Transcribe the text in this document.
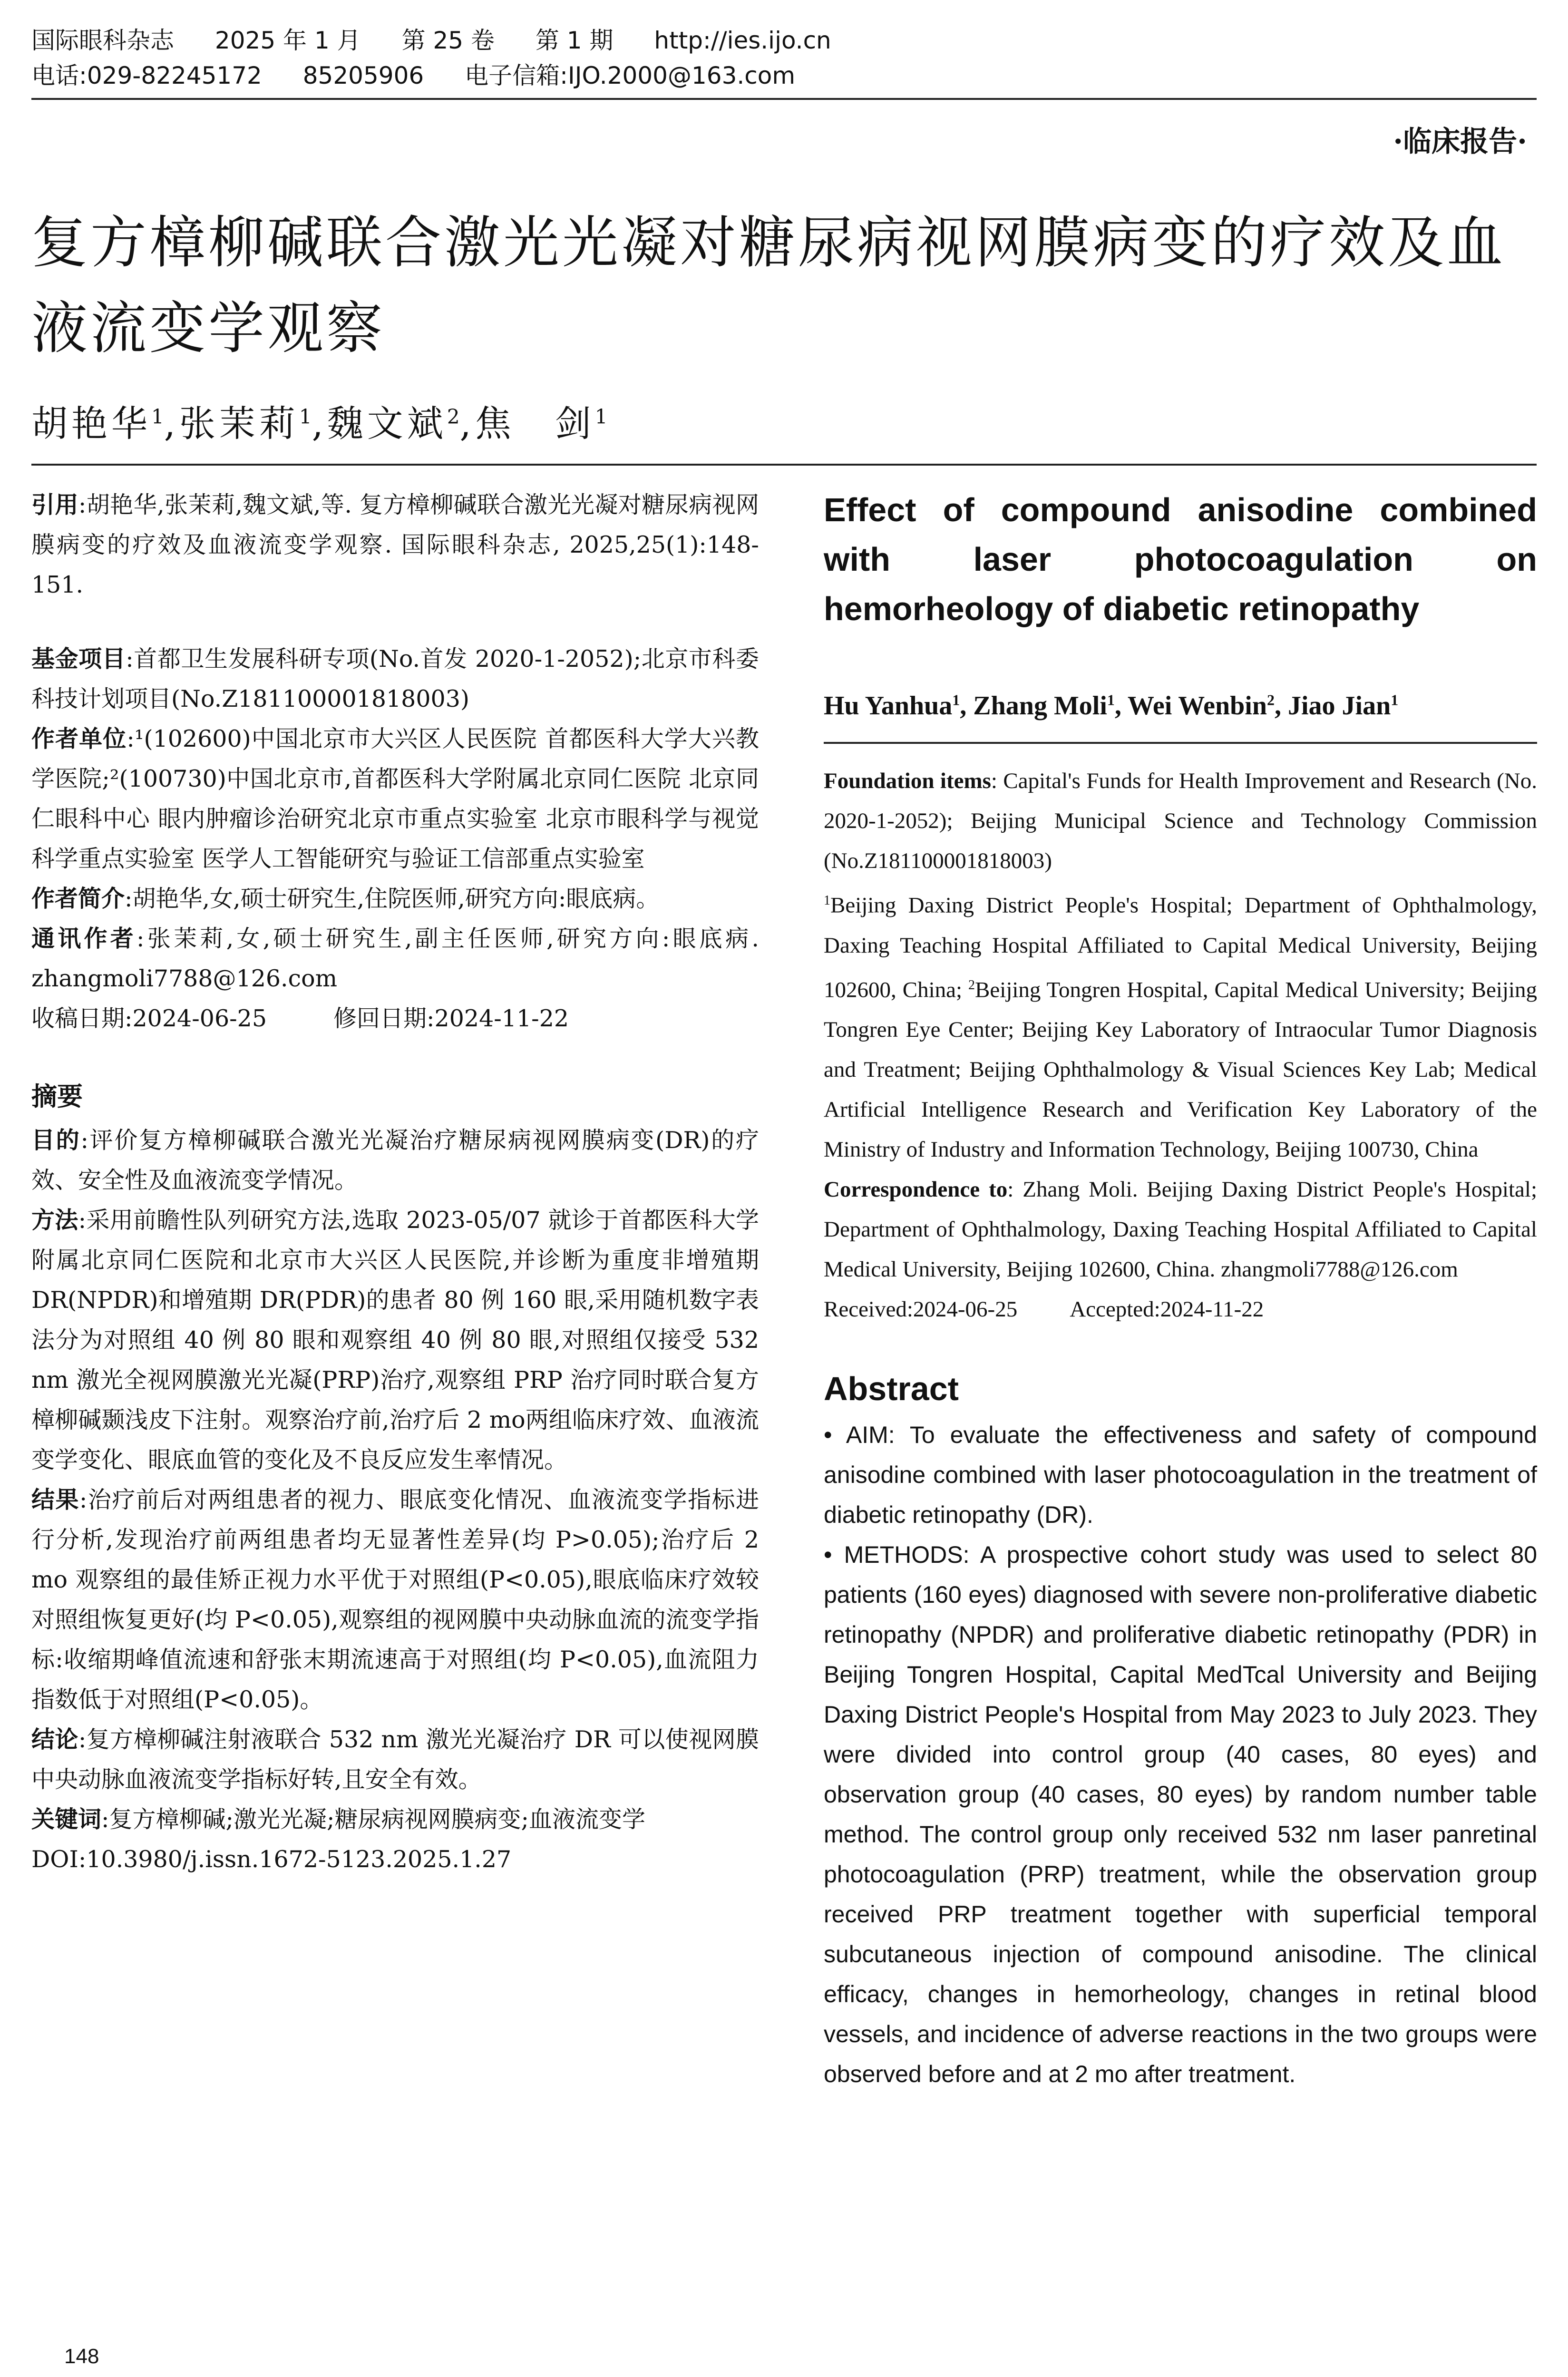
国际眼科杂志 2025 年 1 月 第 25 卷 第 1 期 http://ies.ijo.cn
电话:029-82245172 85205906 电子信箱:IJO.2000@163.com
·临床报告·
复方樟柳碱联合激光光凝对糖尿病视网膜病变的疗效及血液流变学观察
胡艳华$^1$,张茉莉$^1$,魏文斌$^2$,焦　剑$^1$

引用:胡艳华,张茉莉,魏文斌,等. 复方樟柳碱联合激光光凝对糖尿病视网膜病变的疗效及血液流变学观察. 国际眼科杂志, 2025,25(1):148-151.

基金项目:首都卫生发展科研专项(No.首发 2020-1-2052);北京市科委科技计划项目(No.Z181100001818003)

作者单位:¹(102600)中国北京市大兴区人民医院 首都医科大学大兴教学医院;²(100730)中国北京市,首都医科大学附属北京同仁医院 北京同仁眼科中心 眼内肿瘤诊治研究北京市重点实验室 北京市眼科学与视觉科学重点实验室 医学人工智能研究与验证工信部重点实验室

作者简介:胡艳华,女,硕士研究生,住院医师,研究方向:眼底病。

通讯作者:张茉莉,女,硕士研究生,副主任医师,研究方向:眼底病. zhangmoli7788@126.com

收稿日期:2024-06-25	修回日期:2024-11-22

摘要

目的:评价复方樟柳碱联合激光光凝治疗糖尿病视网膜病变(DR)的疗效、安全性及血液流变学情况。

方法:采用前瞻性队列研究方法,选取 2023-05/07 就诊于首都医科大学附属北京同仁医院和北京市大兴区人民医院,并诊断为重度非增殖期 DR(NPDR)和增殖期 DR(PDR)的患者 80 例 160 眼,采用随机数字表法分为对照组 40 例 80 眼和观察组 40 例 80 眼,对照组仅接受 532 nm 激光全视网膜激光光凝(PRP)治疗,观察组 PRP 治疗同时联合复方樟柳碱颞浅皮下注射。观察治疗前,治疗后 2 mo两组临床疗效、血液流变学变化、眼底血管的变化及不良反应发生率情况。

结果:治疗前后对两组患者的视力、眼底变化情况、血液流变学指标进行分析,发现治疗前两组患者均无显著性差异(均 P>0.05);治疗后 2 mo 观察组的最佳矫正视力水平优于对照组(P<0.05),眼底临床疗效较对照组恢复更好(均 P<0.05),观察组的视网膜中央动脉血流的流变学指标:收缩期峰值流速和舒张末期流速高于对照组(均 P<0.05),血流阻力指数低于对照组(P<0.05)。

结论:复方樟柳碱注射液联合 532 nm 激光光凝治疗 DR 可以使视网膜中央动脉血液流变学指标好转,且安全有效。

关键词:复方樟柳碱;激光光凝;糖尿病视网膜病变;血液流变学

DOI:10.3980/j.issn.1672-5123.2025.1.27

Effect of compound anisodine combined with laser photocoagulation on hemorheology of diabetic retinopathy

Hu Yanhua$^1$, Zhang Moli$^1$, Wei Wenbin$^2$, Jiao Jian$^1$

Foundation items: Capital's Funds for Health Improvement and Research (No. 2020-1-2052); Beijing Municipal Science and Technology Commission (No.Z181100001818003)

$^1$Beijing Daxing District People's Hospital; Department of Ophthalmology, Daxing Teaching Hospital Affiliated to Capital Medical University, Beijing 102600, China; $^2$Beijing Tongren Hospital, Capital Medical University; Beijing Tongren Eye Center; Beijing Key Laboratory of Intraocular Tumor Diagnosis and Treatment; Beijing Ophthalmology & Visual Sciences Key Lab; Medical Artificial Intelligence Research and Verification Key Laboratory of the Ministry of Industry and Information Technology, Beijing 100730, China

Correspondence to: Zhang Moli. Beijing Daxing District People's Hospital; Department of Ophthalmology, Daxing Teaching Hospital Affiliated to Capital Medical University, Beijing 102600, China. zhangmoli7788@126.com

Received:2024-06-25 Accepted:2024-11-22

Abstract

• AIM: To evaluate the effectiveness and safety of compound anisodine combined with laser photocoagulation in the treatment of diabetic retinopathy (DR).

• METHODS: A prospective cohort study was used to select 80 patients (160 eyes) diagnosed with severe non-proliferative diabetic retinopathy (NPDR) and proliferative diabetic retinopathy (PDR) in Beijing Tongren Hospital, Capital MedTcal University and Beijing Daxing District People's Hospital from May 2023 to July 2023. They were divided into control group (40 cases, 80 eyes) and observation group (40 cases, 80 eyes) by random number table method. The control group only received 532 nm laser panretinal photocoagulation (PRP) treatment, while the observation group received PRP treatment together with superficial temporal subcutaneous injection of compound anisodine. The clinical efficacy, changes in hemorheology, changes in retinal blood vessels, and incidence of adverse reactions in the two groups were observed before and at 2 mo after treatment.

148
